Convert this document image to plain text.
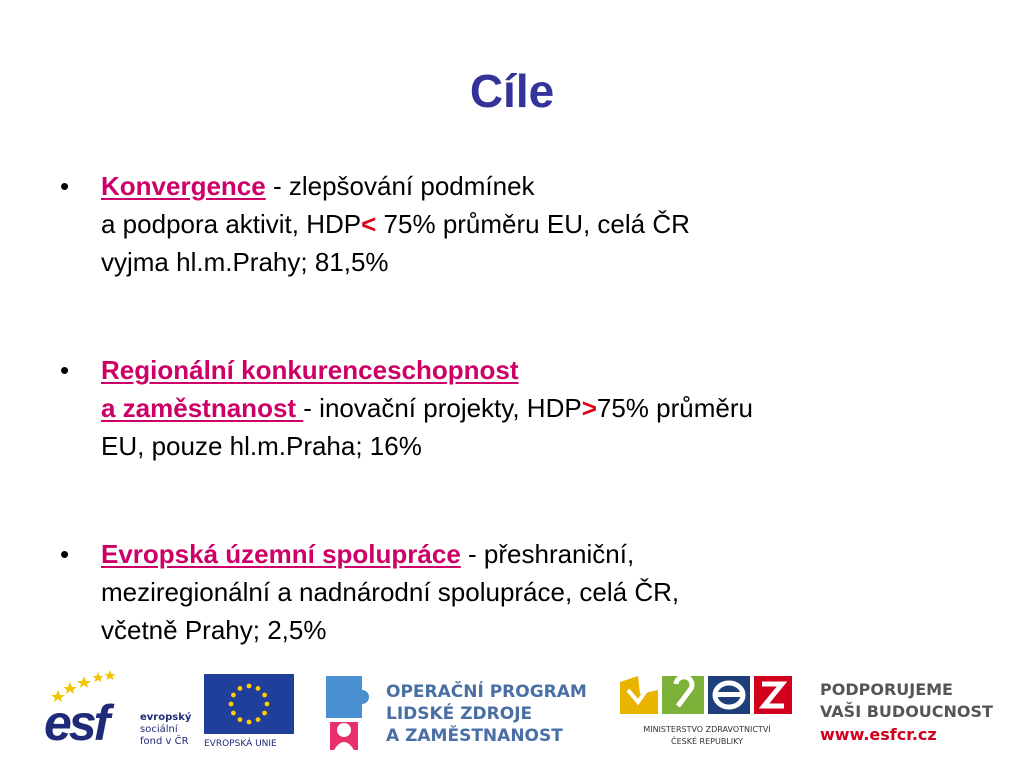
Cíle
• Konvergence - zlepšování podmínek
a podpora aktivit, HDP< 75% průměru EU, celá ČR
vyjma hl.m.Prahy; 81,5%
• Regionální konkurenceschopnost
a zaměstnanost - inovační projekty, HDP>75% průměru
EU, pouze hl.m.Praha; 16%
• Evropská územní spolupráce - přeshraniční,
meziregionální a nadnárodní spolupráce, celá ČR,
včetně Prahy; 2,5%
esf	evropský
sociální
fond v ČR EVROPSKÁ UNIE
OPERAČNÍ PROGRAM
LIDSKÉ ZDROJE
A ZAMĚSTNANOST	MINISTERSTVO ZDRAVOTNICTVÍ
ČESKÉ REPUBLIKY
PODPORUJEME
VAŠI BUDOUCNOST
www.esfcr.cz
